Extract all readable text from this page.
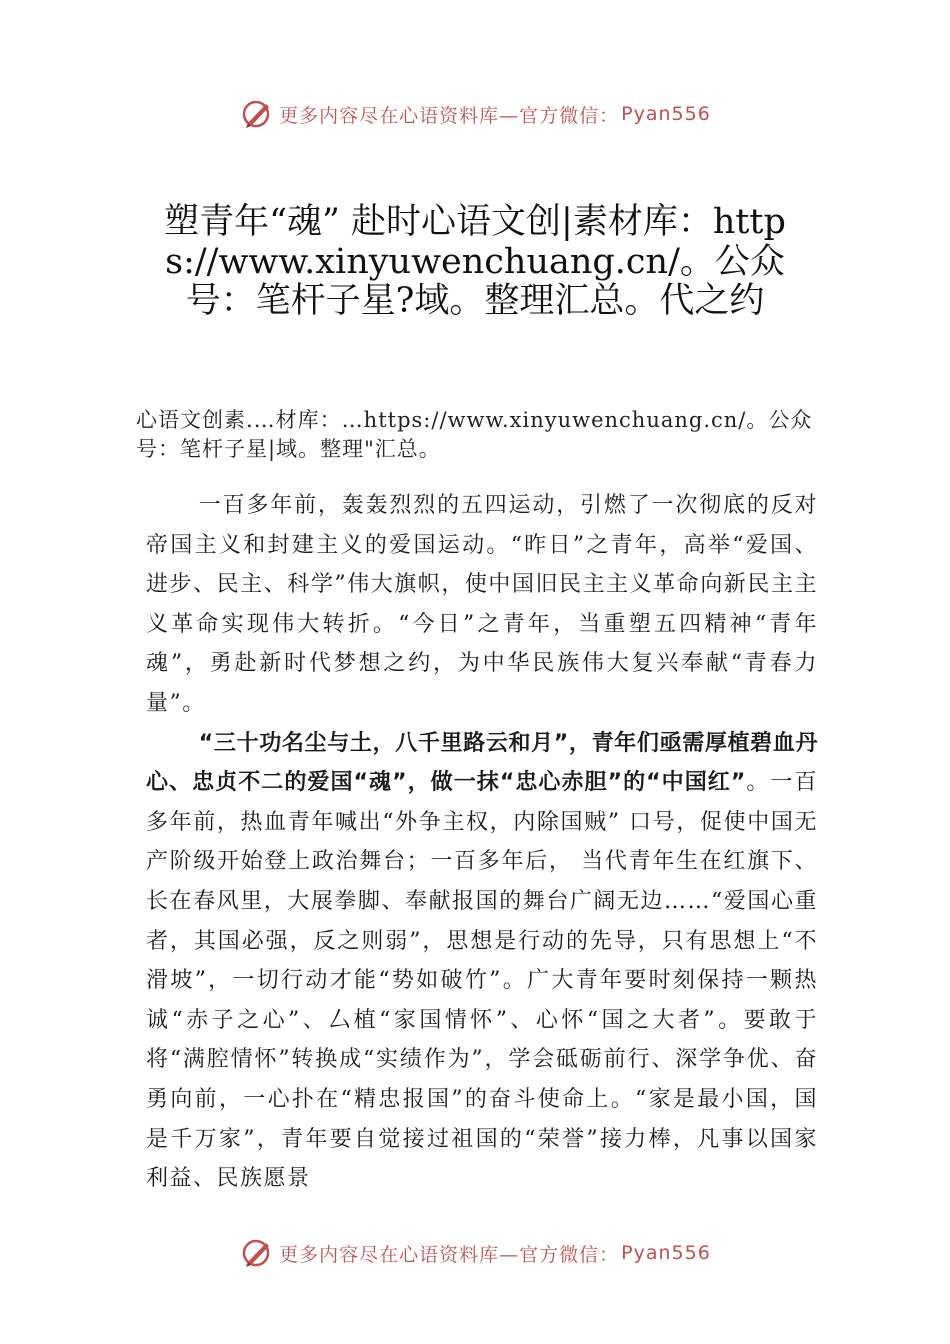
更多内容尽在心语资料库—官方微信： Pyan556
塑青年“魂” 赴时心语文创|素材库：https://www.xinyuwenchuang.cn/。公众号：笔杆子星?域。整理汇总。代之约
心语文创素.…材库：…https://www.xinyuwenchuang.cn/。公众号：笔杆子星|域。整理"汇总。

一百多年前，轰轰烈烈的五四运动，引燃了一次彻底的反对帝国主义和封建主义的爱国运动。“昨日”之青年，高举“爱国、进步、民主、科学”伟大旗帜，使中国旧民主主义革命向新民主主义革命实现伟大转折。“今日”之青年，当重塑五四精神“青年魂”，勇赴新时代梦想之约，为中华民族伟大复兴奉献“青春力量”。

“三十功名尘与土，八千里路云和月”，青年们亟需厚植碧血丹心、忠贞不二的爱国“魂”，做一抹“忠心赤胆”的“中国红”。一百多年前，热血青年喊出“外争主权，内除国贼” 口号，促使中国无产阶级开始登上政治舞台；一百多年后， 当代青年生在红旗下、长在春风里，大展拳脚、奉献报国的舞台广阔无边……“爱国心重者，其国必强，反之则弱”，思想是行动的先导，只有思想上“不滑坡”，一切行动才能“势如破竹”。广大青年要时刻保持一颗热诚“赤子之心”、厶植“家国情怀”、心怀“国之大者”。要敢于将“满腔情怀”转换成“实绩作为”，学会砥砺前行、深学争优、奋勇向前，一心扑在“精忠报国”的奋斗使命上。“家是最小国，国是千万家”，青年要自觉接过祖国的“荣誉”接力棒，凡事以国家利益、民族愿景

更多内容尽在心语资料库—官方微信： Pyan556
